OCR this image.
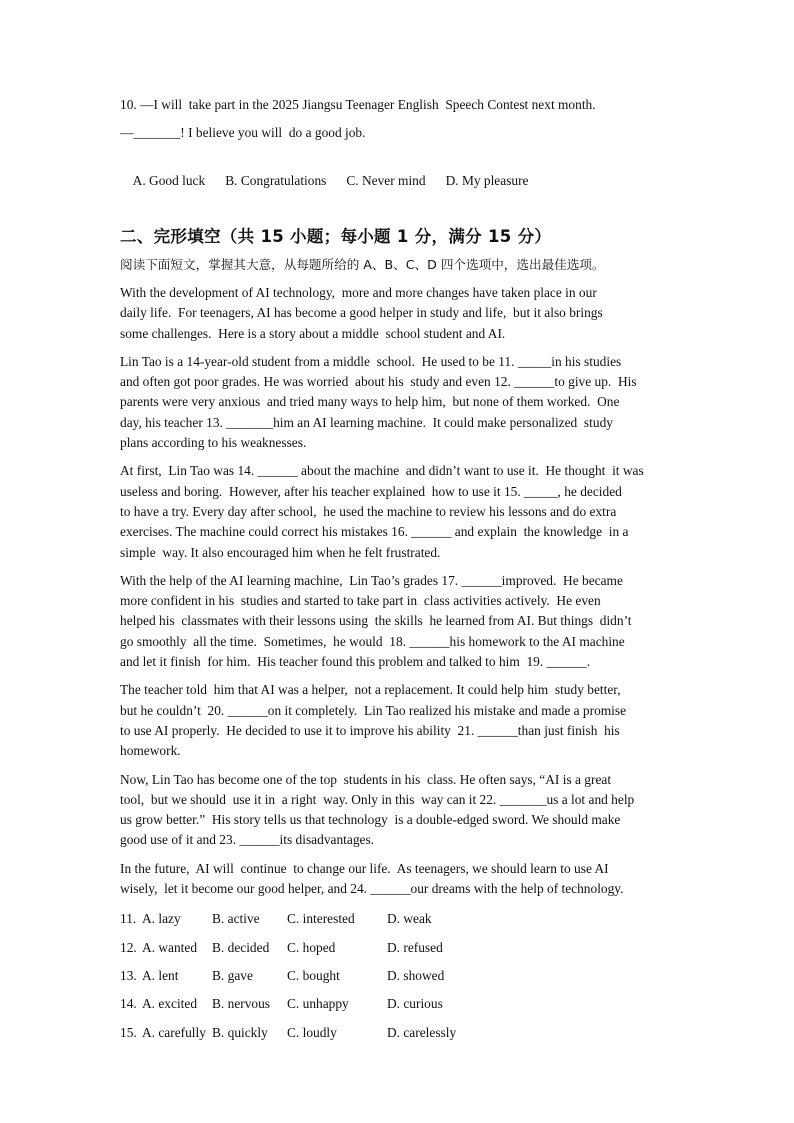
10. —I will  take part in the 2025 Jiangsu Teenager English  Speech Contest next month.
—_______! I believe you will  do a good job.

A. Good luck B. Congratulations C. Never mind D. My pleasure

二、完形填空（共 15 小题；每小题 1 分，满分 15 分）
阅读下面短文，掌握其大意，从每题所给的 A、B、C、D 四个选项中，选出最佳选项。
With the development of AI technology,  more and more changes have taken place in our
daily life.  For teenagers, AI has become a good helper in study and life,  but it also brings
some challenges.  Here is a story about a middle  school student and AI.
Lin Tao is a 14-year-old student from a middle  school.  He used to be 11. _____in his studies
and often got poor grades. He was worried  about his  study and even 12. ______to give up.  His
parents were very anxious  and tried many ways to help him,  but none of them worked.  One
day, his teacher 13. _______him an AI learning machine.  It could make personalized  study
plans according to his weaknesses.
At first,  Lin Tao was 14. ______ about the machine  and didn’t want to use it.  He thought  it was
useless and boring.  However, after his teacher explained  how to use it 15. _____, he decided
to have a try. Every day after school,  he used the machine to review his lessons and do extra
exercises. The machine could correct his mistakes 16. ______ and explain  the knowledge  in a
simple  way. It also encouraged him when he felt frustrated.
With the help of the AI learning machine,  Lin Tao’s grades 17. ______improved.  He became
more confident in his  studies and started to take part in  class activities actively.  He even
helped his  classmates with their lessons using  the skills  he learned from AI. But things  didn’t
go smoothly  all the time.  Sometimes,  he would  18. ______his homework to the AI machine
and let it finish  for him.  His teacher found this problem and talked to him  19. ______.
The teacher told  him that AI was a helper,  not a replacement. It could help him  study better,
but he couldn’t  20. ______on it completely.  Lin Tao realized his mistake and made a promise
to use AI properly.  He decided to use it to improve his ability  21. ______than just finish  his
homework.
Now, Lin Tao has become one of the top  students in his  class. He often says, “AI is a great
tool,  but we should  use it in  a right  way. Only in this  way can it 22. _______us a lot and help
us grow better.”  His story tells us that technology  is a double-edged sword. We should make
good use of it and 23. ______its disadvantages.
In the future,  AI will  continue  to change our life.  As teenagers, we should learn to use AI
wisely,  let it become our good helper, and 24. ______our dreams with the help of technology.
11. A. lazy	B. active	C. interested	D. weak
12. A. wanted	B. decided	C. hoped	D. refused
13. A. lent	B. gave	C. bought	D. showed
14. A. excited	B. nervous	C. unhappy	D. curious
15. A. carefully B. quickly	C. loudly	D. carelessly
